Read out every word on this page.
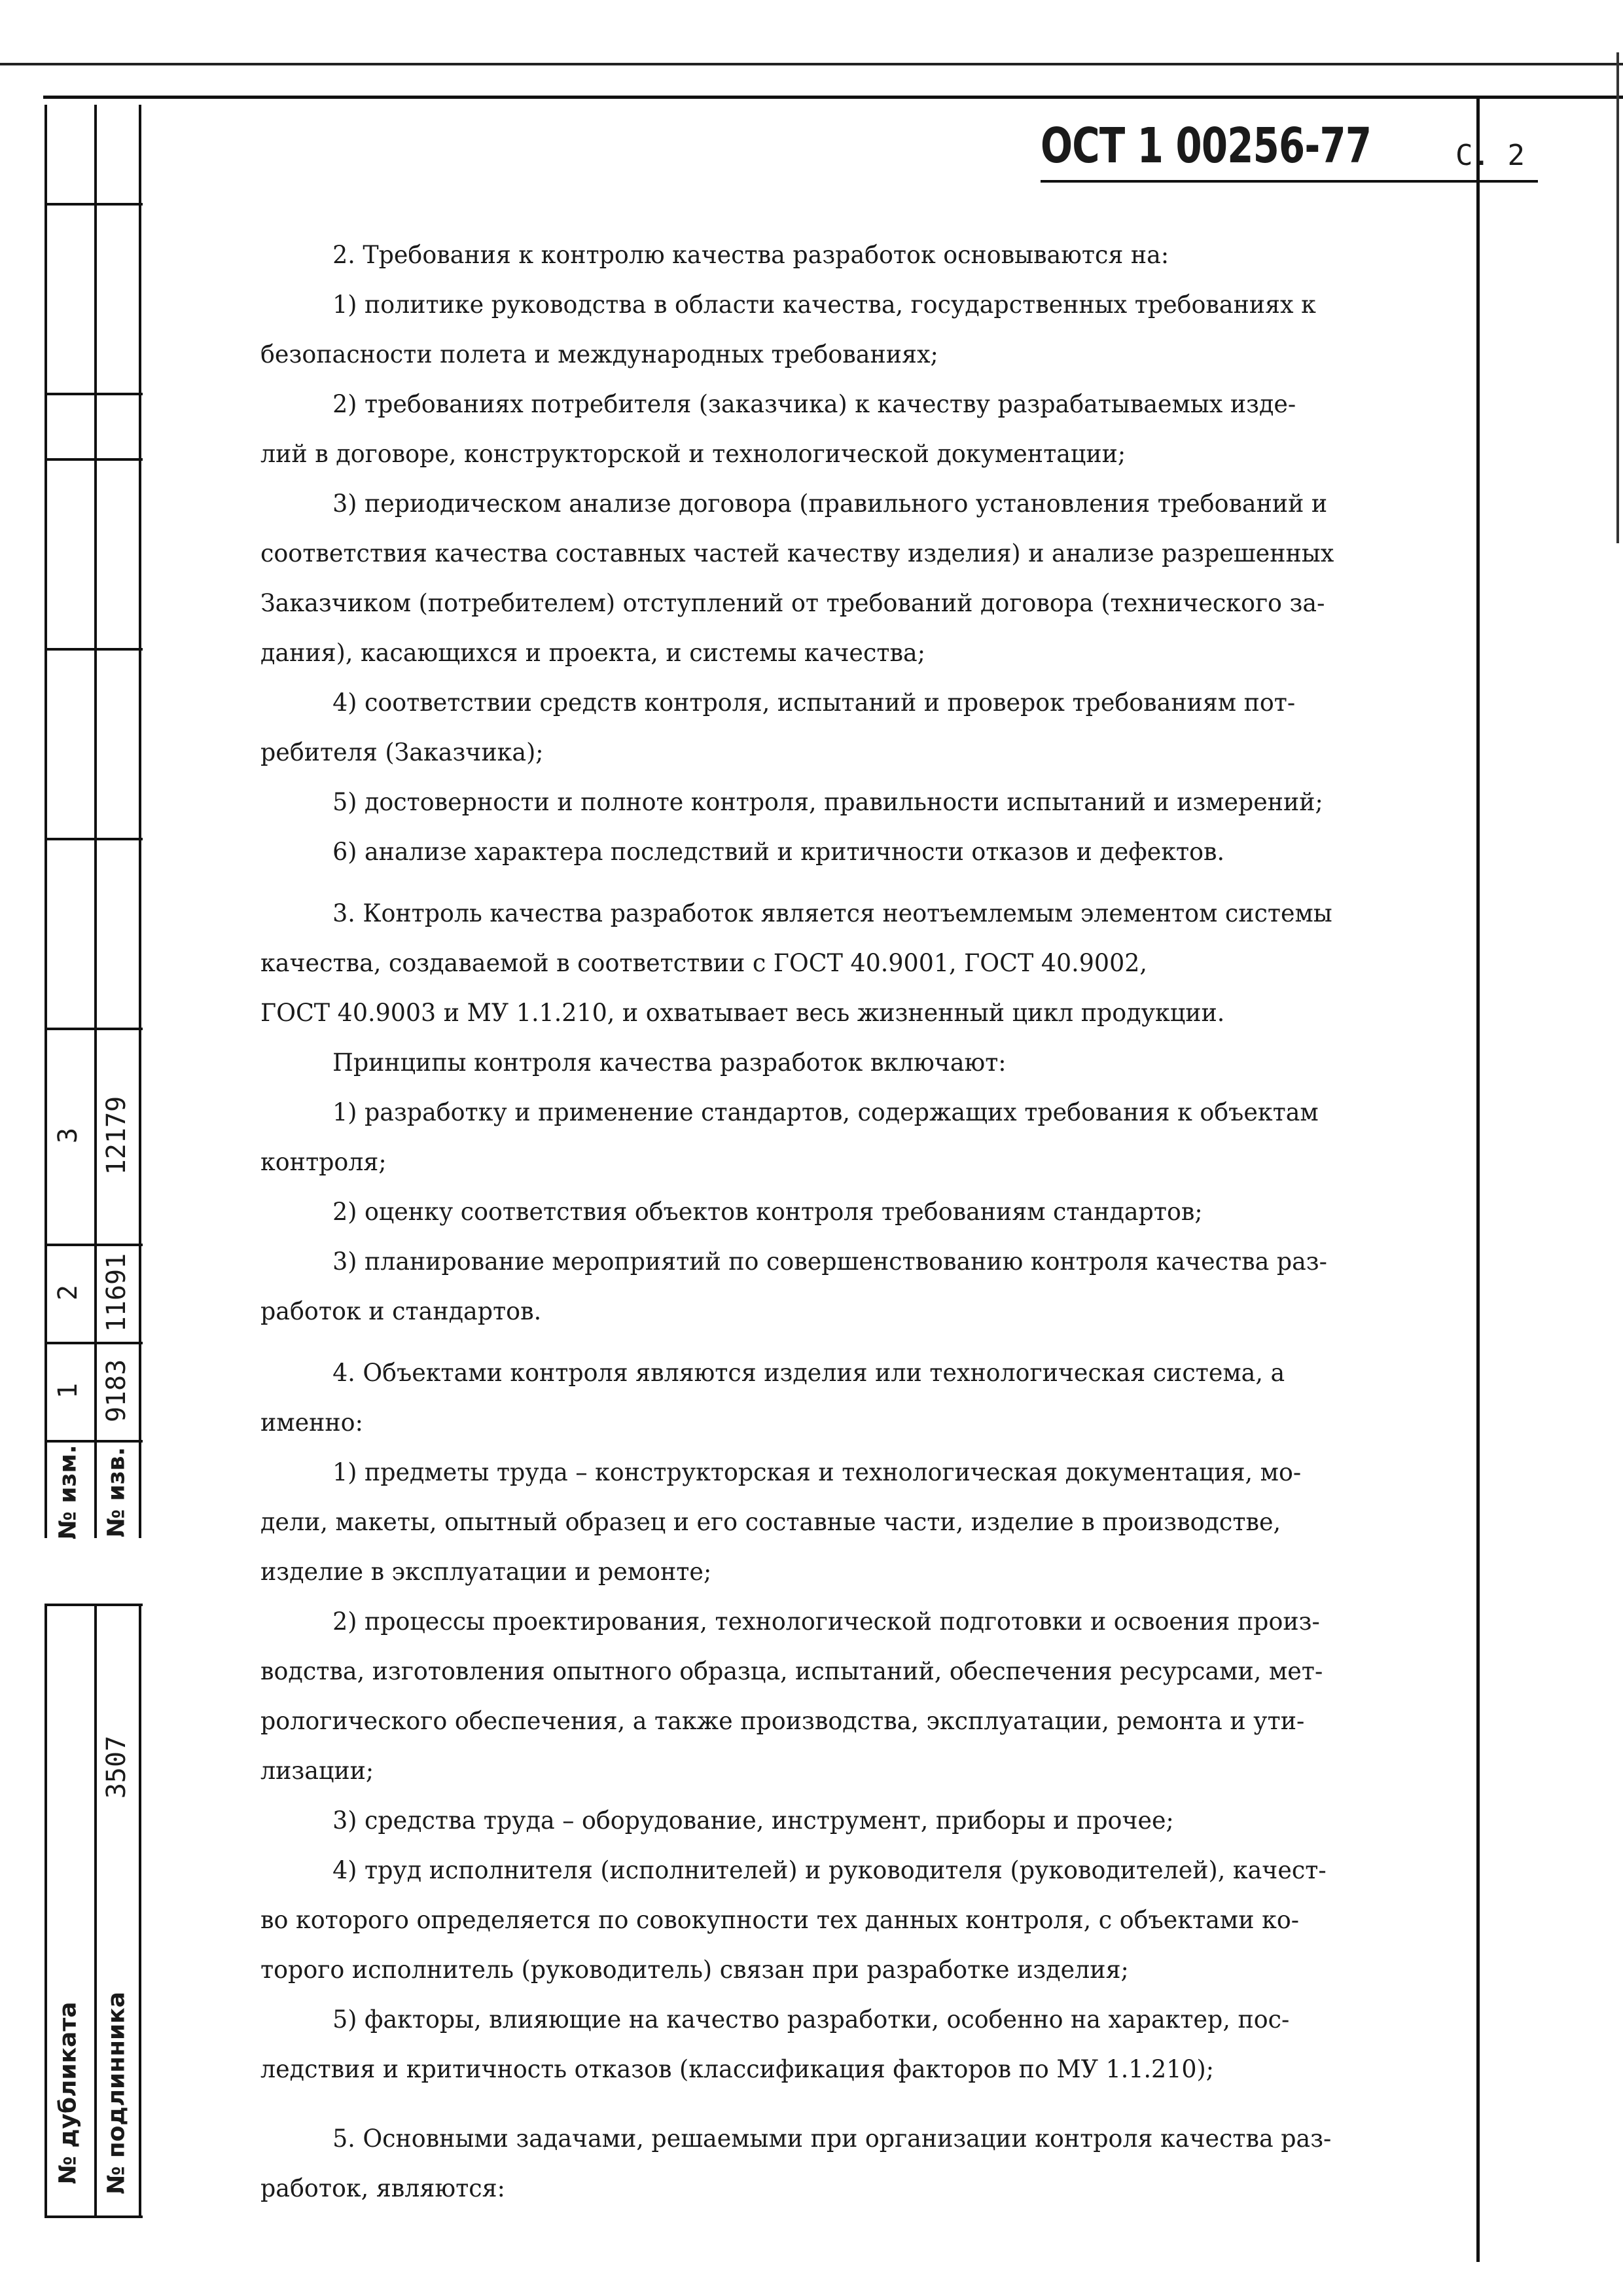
3
2
1
№ изм.
12179
11691
9183
№ изв.
3507
№ дубликата № подлинника
ОСТ 1 00256-77	С. 2

2. Требования к контролю качества разработок основываются на:

1) политике руководства в области качества, государственных требованиях к

безопасности полета и международных требованиях;

2) требованиях потребителя (заказчика) к качеству разрабатываемых изде-

лий в договоре, конструкторской и технологической документации;

3) периодическом анализе договора (правильного установления требований и

соответствия качества составных частей качеству изделия) и анализе разрешенных

Заказчиком (потребителем) отступлений от требований договора (технического за-

дания), касающихся и проекта, и системы качества;

4) соответствии средств контроля, испытаний и проверок требованиям пот-

ребителя (Заказчика);

5) достоверности и полноте контроля, правильности испытаний и измерений;

6) анализе характера последствий и критичности отказов и дефектов.

3. Контроль качества разработок является неотъемлемым элементом системы

качества, создаваемой в соответствии с ГОСТ 40.9001, ГОСТ 40.9002,

ГОСТ 40.9003 и МУ 1.1.210, и охватывает весь жизненный цикл продукции.

Принципы контроля качества разработок включают:

1) разработку и применение стандартов, содержащих требования к объектам

контроля;

2) оценку соответствия объектов контроля требованиям стандартов;

3) планирование мероприятий по совершенствованию контроля качества раз-

работок и стандартов.

4. Объектами контроля являются изделия или технологическая система, а

именно:

1) предметы труда – конструкторская и технологическая документация, мо-

дели, макеты, опытный образец и его составные части, изделие в производстве,

изделие в эксплуатации и ремонте;

2) процессы проектирования, технологической подготовки и освоения произ-

водства, изготовления опытного образца, испытаний, обеспечения ресурсами, мет-

рологического обеспечения, а также производства, эксплуатации, ремонта и ути-

лизации;

3) средства труда – оборудование, инструмент, приборы и прочее;

4) труд исполнителя (исполнителей) и руководителя (руководителей), качест-

во которого определяется по совокупности тех данных контроля, с объектами ко-

торого исполнитель (руководитель) связан при разработке изделия;

5) факторы, влияющие на качество разработки, особенно на характер, пос-

ледствия и критичность отказов (классификация факторов по МУ 1.1.210);

5. Основными задачами, решаемыми при организации контроля качества раз-

работок, являются:
